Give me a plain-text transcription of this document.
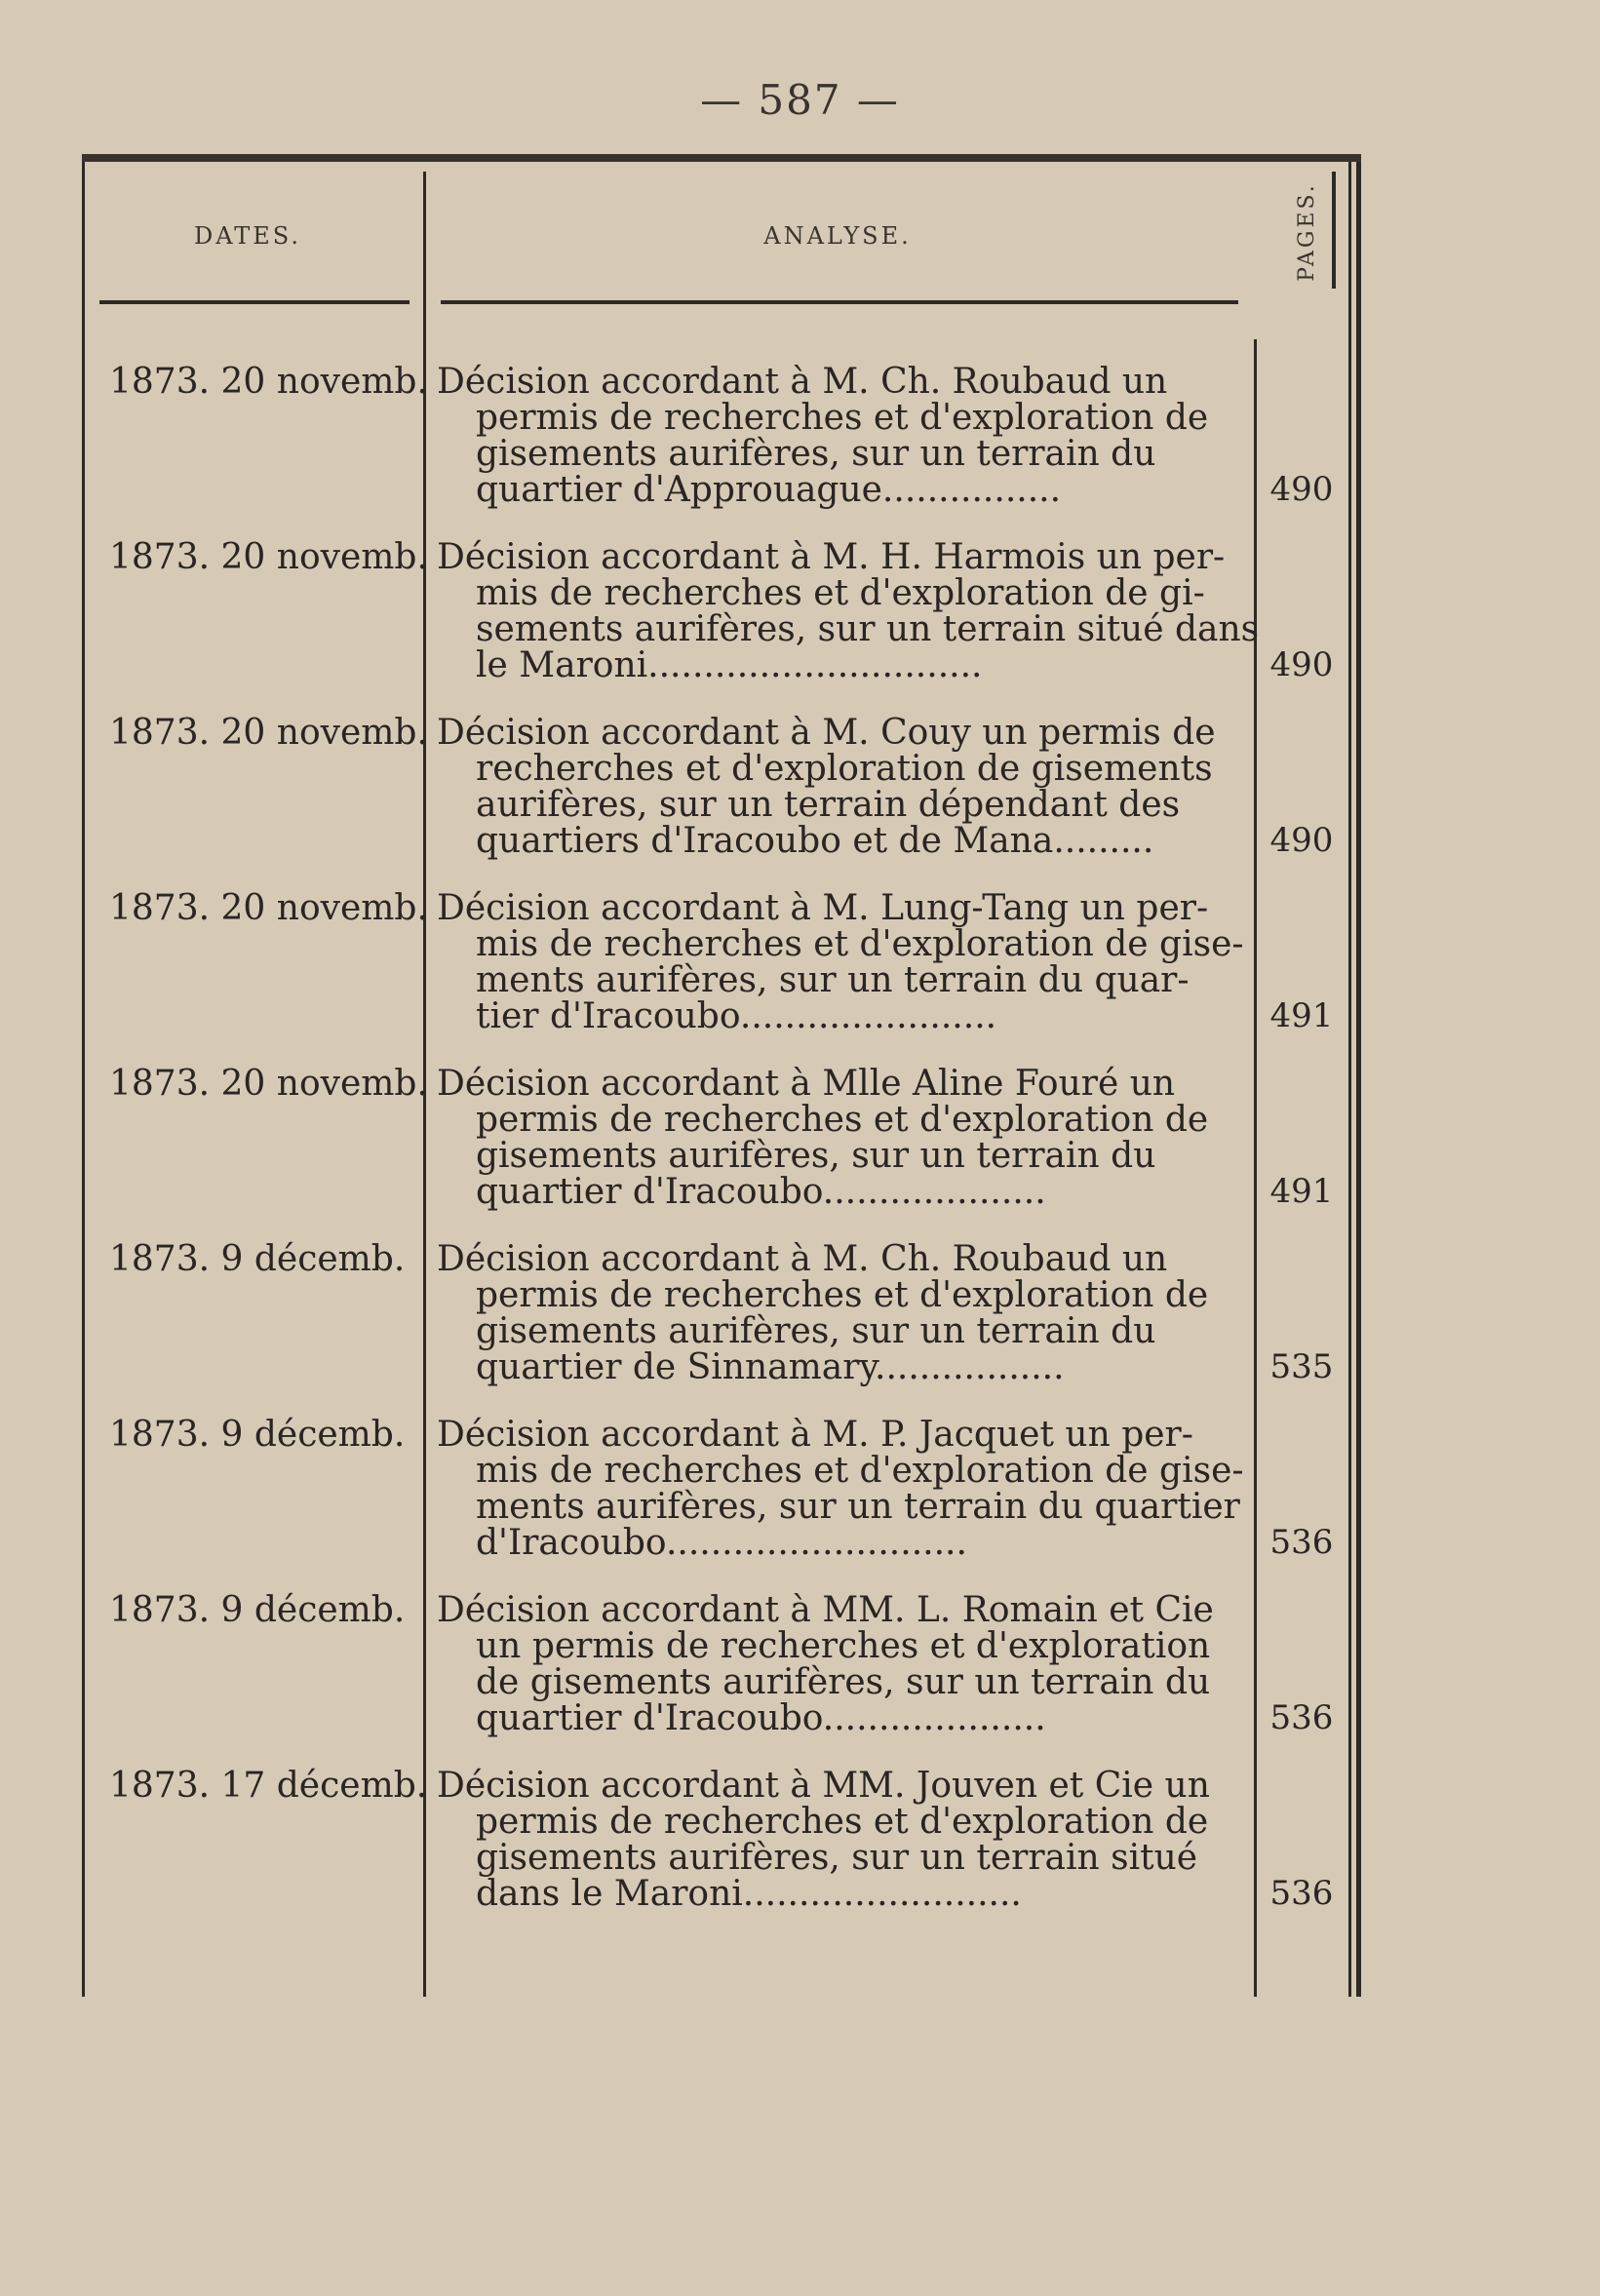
— 587 —
DATES.	ANALYSE.	PAGES.
1873. 20 novemb. Décision accordant à M. Ch. Roubaud un
permis de recherches et d'exploration de
gisements aurifères, sur un terrain du
quartier d'Approuague................	490
1873. 20 novemb. Décision accordant à M. H. Harmois un per-
mis de recherches et d'exploration de gi-
sements aurifères, sur un terrain situé dans
le Maroni..............................	490
1873. 20 novemb. Décision accordant à M. Couy un permis de
recherches et d'exploration de gisements
aurifères, sur un terrain dépendant des
quartiers d'Iracoubo et de Mana.........	490
1873. 20 novemb. Décision accordant à M. Lung-Tang un per-
mis de recherches et d'exploration de gise-
ments aurifères, sur un terrain du quar-
tier d'Iracoubo.......................	491
1873. 20 novemb. Décision accordant à Mlle Aline Fouré un
permis de recherches et d'exploration de
gisements aurifères, sur un terrain du
quartier d'Iracoubo....................	491
1873. 9 décemb. Décision accordant à M. Ch. Roubaud un
permis de recherches et d'exploration de
gisements aurifères, sur un terrain du
quartier de Sinnamary.................	535
1873. 9 décemb. Décision accordant à M. P. Jacquet un per-
mis de recherches et d'exploration de gise-
ments aurifères, sur un terrain du quartier
d'Iracoubo...........................	536
1873. 9 décemb. Décision accordant à MM. L. Romain et Cie
un permis de recherches et d'exploration
de gisements aurifères, sur un terrain du
quartier d'Iracoubo....................	536
1873. 17 décemb. Décision accordant à MM. Jouven et Cie un
permis de recherches et d'exploration de
gisements aurifères, sur un terrain situé
dans le Maroni.........................	536
